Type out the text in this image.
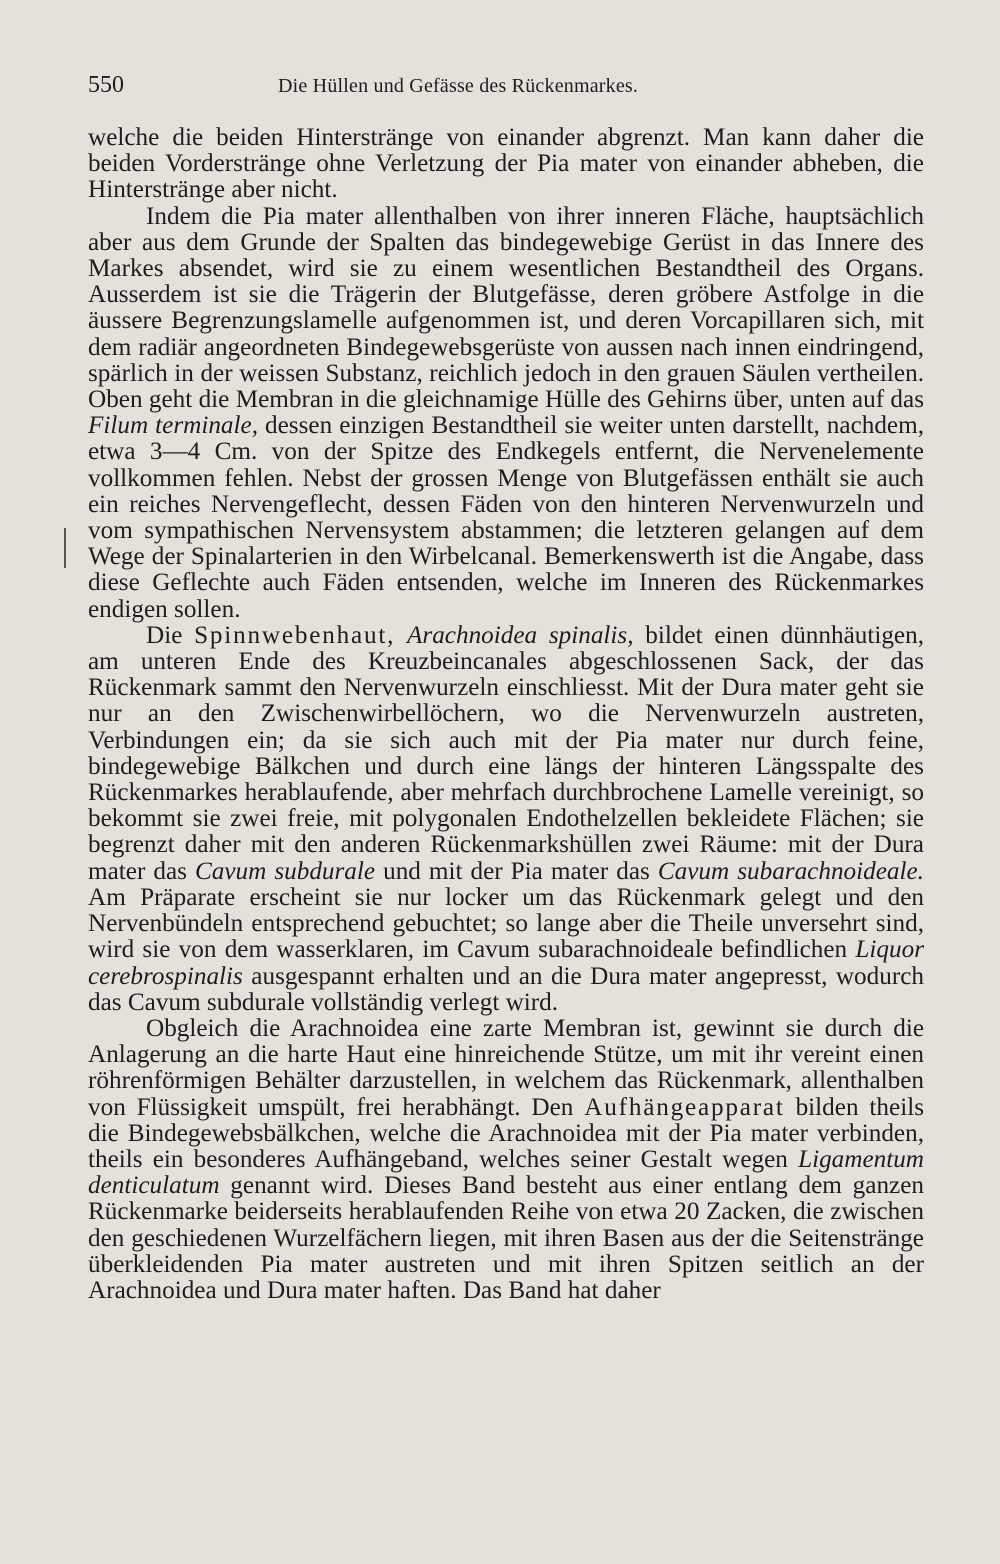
550	Die Hüllen und Gefässe des Rückenmarkes.

welche die beiden Hinterstränge von einander abgrenzt. Man kann daher die beiden Vorderstränge ohne Verletzung der Pia mater von einander abheben, die Hinterstränge aber nicht.

Indem die Pia mater allenthalben von ihrer inneren Fläche, hauptsächlich aber aus dem Grunde der Spalten das bindegewebige Gerüst in das Innere des Markes absendet, wird sie zu einem wesentlichen Bestandtheil des Organs. Ausserdem ist sie die Trägerin der Blutgefässe, deren gröbere Astfolge in die äussere Begrenzungslamelle aufgenommen ist, und deren Vorcapillaren sich, mit dem radiär angeordneten Bindegewebsgerüste von aussen nach innen eindringend, spärlich in der weissen Substanz, reichlich jedoch in den grauen Säulen vertheilen. Oben geht die Membran in die gleichnamige Hülle des Gehirns über, unten auf das Filum terminale, dessen einzigen Bestandtheil sie weiter unten darstellt, nachdem, etwa 3—4 Cm. von der Spitze des Endkegels entfernt, die Nervenelemente vollkommen fehlen. Nebst der grossen Menge von Blutgefässen enthält sie auch ein reiches Nervengeflecht, dessen Fäden von den hinteren Nervenwurzeln und vom sympathischen Nervensystem abstammen; die letzteren gelangen auf dem Wege der Spinalarterien in den Wirbelcanal. Bemerkenswerth ist die Angabe, dass diese Geflechte auch Fäden entsenden, welche im Inneren des Rückenmarkes endigen sollen.

Die Spinnwebenhaut, Arachnoidea spinalis, bildet einen dünnhäutigen, am unteren Ende des Kreuzbeincanales abgeschlossenen Sack, der das Rückenmark sammt den Nervenwurzeln einschliesst. Mit der Dura mater geht sie nur an den Zwischenwirbellöchern, wo die Nervenwurzeln austreten, Verbindungen ein; da sie sich auch mit der Pia mater nur durch feine, bindegewebige Bälkchen und durch eine längs der hinteren Längsspalte des Rückenmarkes herablaufende, aber mehrfach durchbrochene Lamelle vereinigt, so bekommt sie zwei freie, mit polygonalen Endothelzellen bekleidete Flächen; sie begrenzt daher mit den anderen Rückenmarkshüllen zwei Räume: mit der Dura mater das Cavum subdurale und mit der Pia mater das Cavum subarachnoideale. Am Präparate erscheint sie nur locker um das Rückenmark gelegt und den Nervenbündeln entsprechend gebuchtet; so lange aber die Theile unversehrt sind, wird sie von dem wasserklaren, im Cavum subarachnoideale befindlichen Liquor cerebrospinalis ausgespannt erhalten und an die Dura mater angepresst, wodurch das Cavum subdurale vollständig verlegt wird.

Obgleich die Arachnoidea eine zarte Membran ist, gewinnt sie durch die Anlagerung an die harte Haut eine hinreichende Stütze, um mit ihr vereint einen röhrenförmigen Behälter darzustellen, in welchem das Rückenmark, allenthalben von Flüssigkeit umspült, frei herabhängt. Den Aufhängeapparat bilden theils die Bindegewebsbälkchen, welche die Arachnoidea mit der Pia mater verbinden, theils ein besonderes Aufhängeband, welches seiner Gestalt wegen Ligamentum denticulatum genannt wird. Dieses Band besteht aus einer entlang dem ganzen Rückenmarke beiderseits herablaufenden Reihe von etwa 20 Zacken, die zwischen den geschiedenen Wurzelfächern liegen, mit ihren Basen aus der die Seitenstränge überkleidenden Pia mater austreten und mit ihren Spitzen seitlich an der Arachnoidea und Dura mater haften. Das Band hat daher
